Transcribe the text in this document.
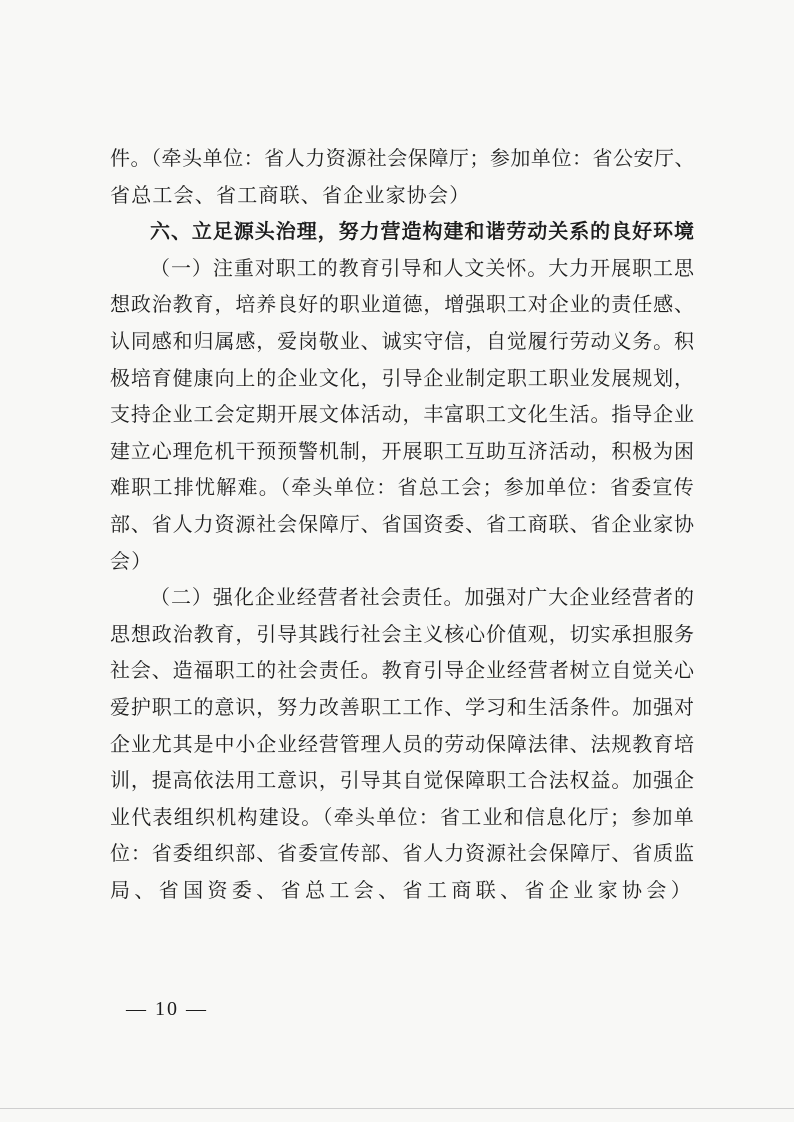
件。（牵头单位：省人力资源社会保障厅；参加单位：省公安厅、
省总工会、省工商联、省企业家协会）
六、立足源头治理，努力营造构建和谐劳动关系的良好环境
（一）注重对职工的教育引导和人文关怀。大力开展职工思
想政治教育，培养良好的职业道德，增强职工对企业的责任感、
认同感和归属感，爱岗敬业、诚实守信，自觉履行劳动义务。积
极培育健康向上的企业文化，引导企业制定职工职业发展规划，
支持企业工会定期开展文体活动，丰富职工文化生活。指导企业
建立心理危机干预预警机制，开展职工互助互济活动，积极为困
难职工排忧解难。（牵头单位：省总工会；参加单位：省委宣传
部、省人力资源社会保障厅、省国资委、省工商联、省企业家协
会）
（二）强化企业经营者社会责任。加强对广大企业经营者的
思想政治教育，引导其践行社会主义核心价值观，切实承担服务
社会、造福职工的社会责任。教育引导企业经营者树立自觉关心
爱护职工的意识，努力改善职工工作、学习和生活条件。加强对
企业尤其是中小企业经营管理人员的劳动保障法律、法规教育培
训，提高依法用工意识，引导其自觉保障职工合法权益。加强企
业代表组织机构建设。（牵头单位：省工业和信息化厅；参加单
位：省委组织部、省委宣传部、省人力资源社会保障厅、省质监
局、省国资委、省总工会、省工商联、省企业家协会）
— 10 —
